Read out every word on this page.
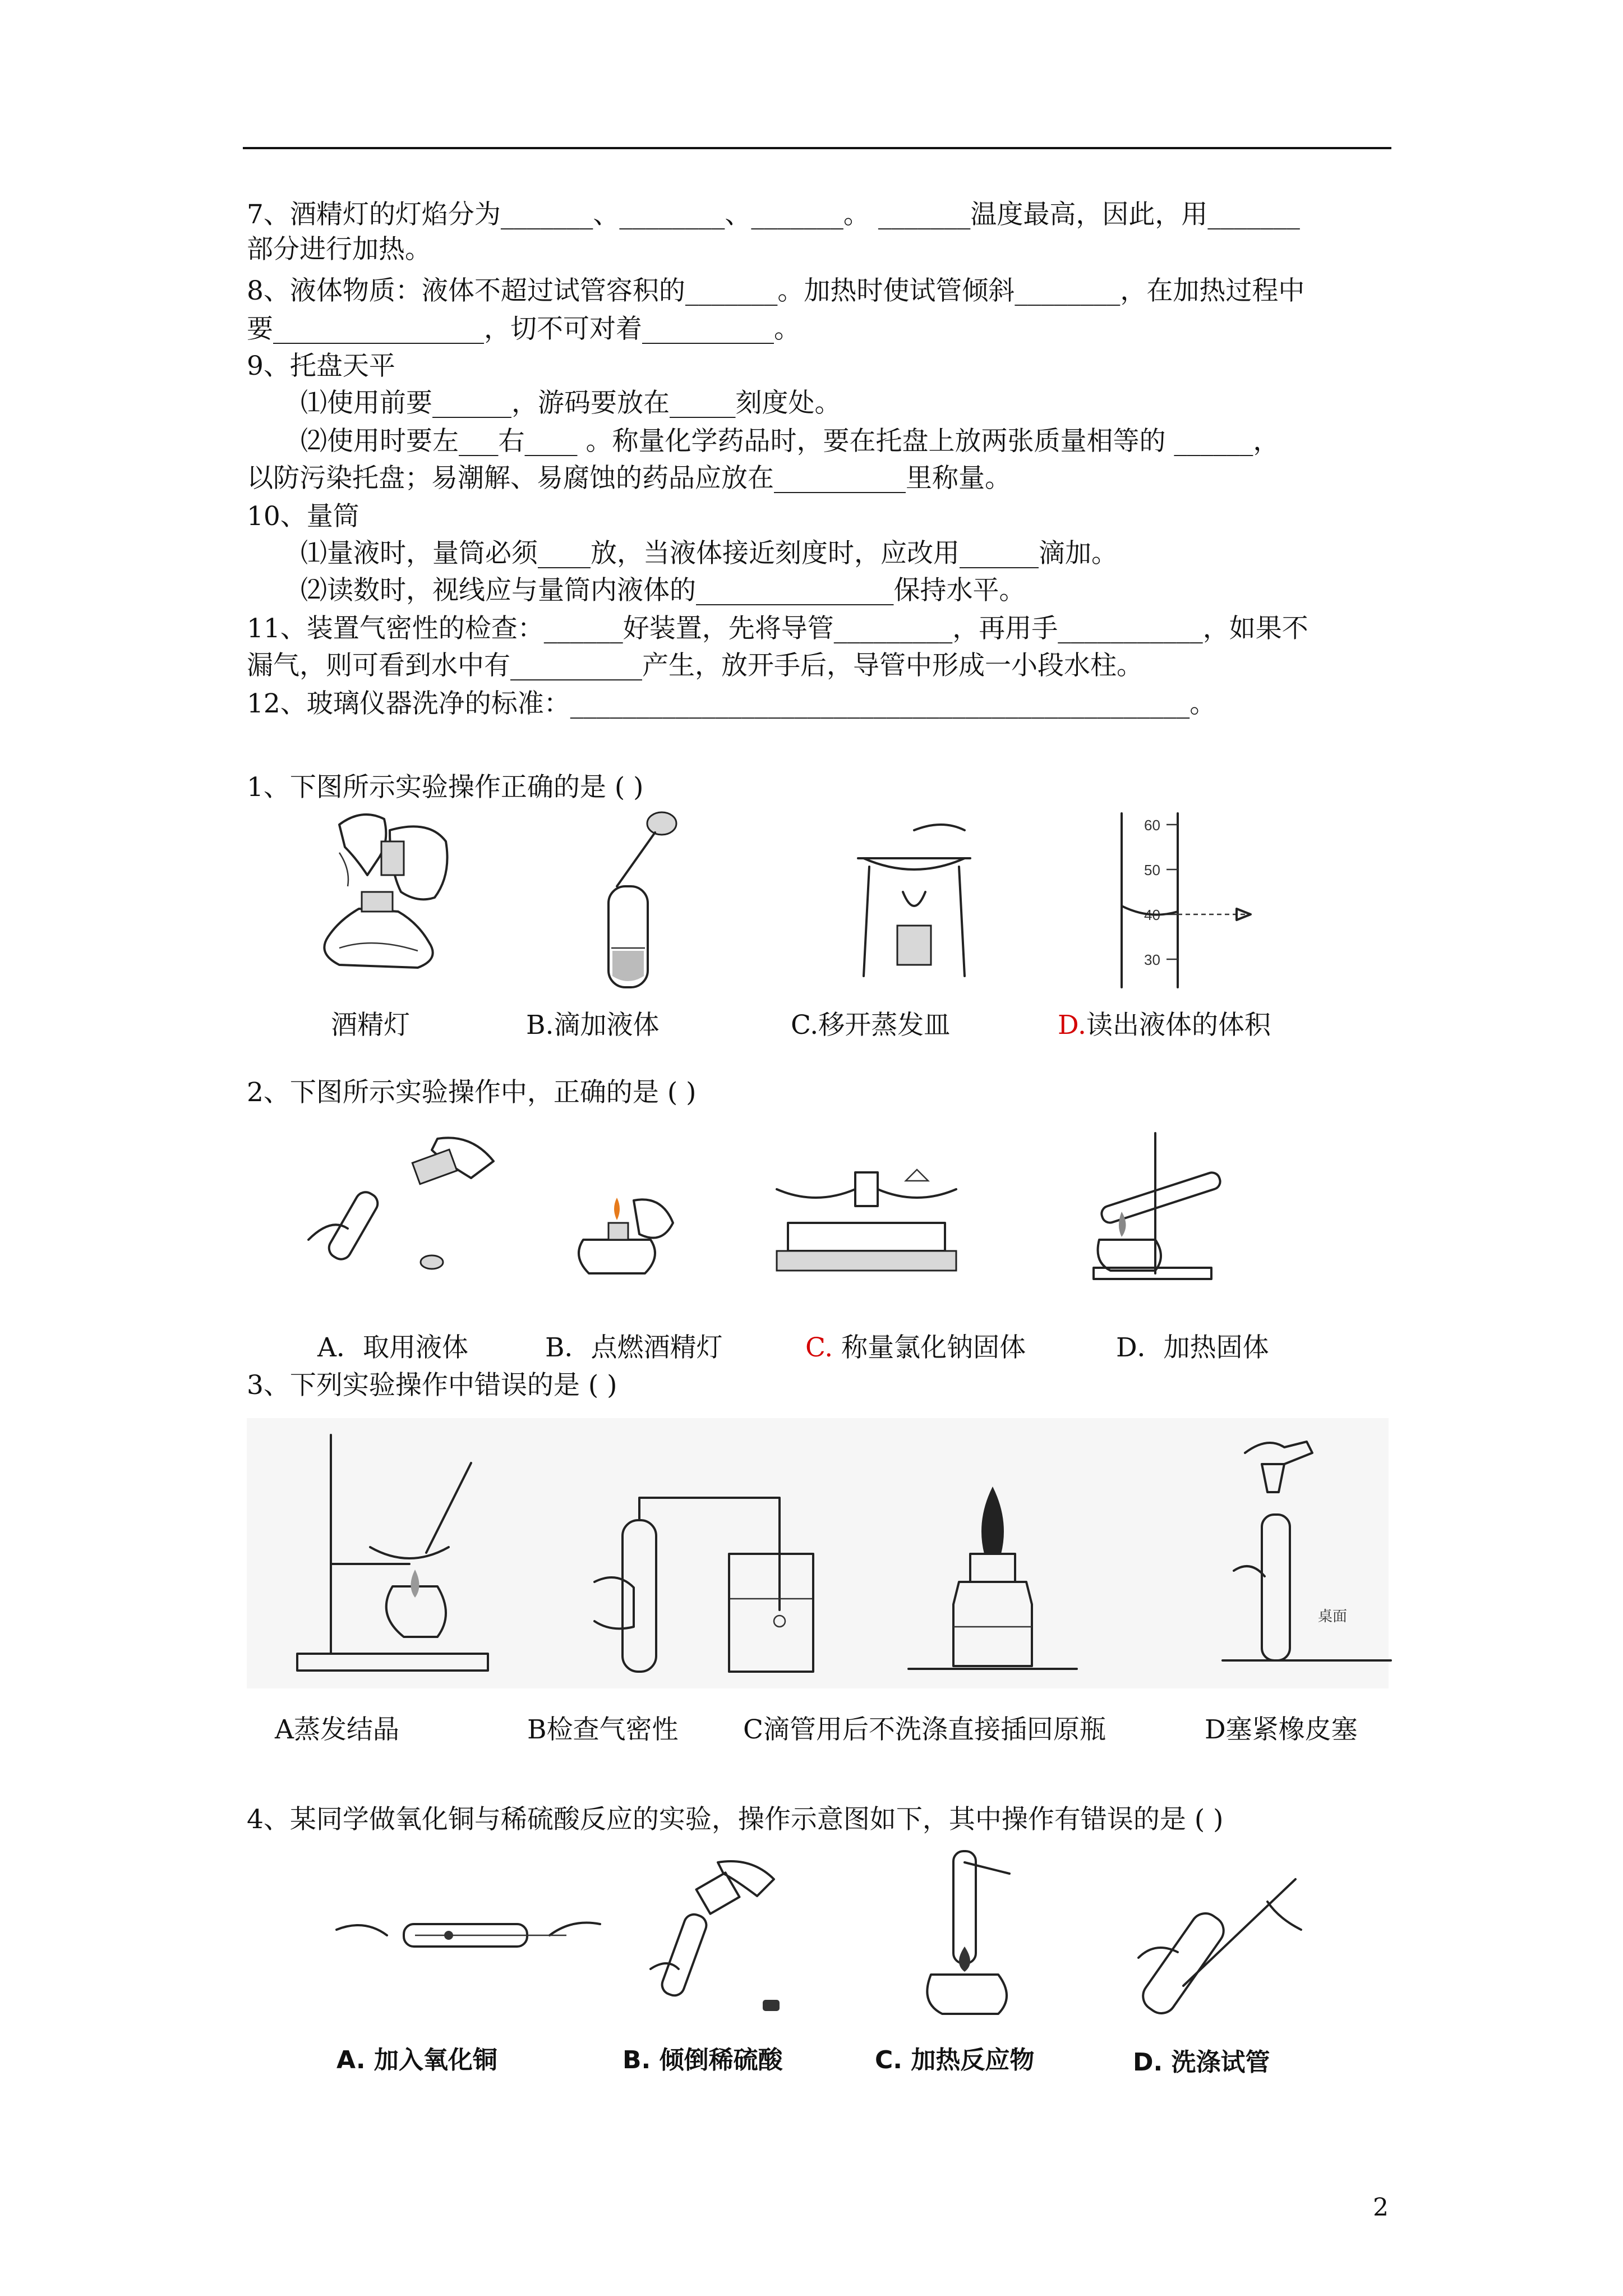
7、酒精灯的灯焰分为_______、________、_______。 _______温度最高，因此，用_______
部分进行加热。
8、液体物质：液体不超过试管容积的_______。加热时使试管倾斜________，在加热过程中
要________________，切不可对着__________。
9、托盘天平
⑴使用前要______，游码要放在_____刻度处。
⑵使用时要左___右____ 。称量化学药品时，要在托盘上放两张质量相等的 ______，
以防污染托盘；易潮解、易腐蚀的药品应放在__________里称量。
10、量筒
⑴量液时，量筒必须____放，当液体接近刻度时，应改用______滴加。
⑵读数时，视线应与量筒内液体的_______________保持水平。
11、装置气密性的检查：______好装置，先将导管_________，再用手___________，如果不
漏气，则可看到水中有__________产生，放开手后，导管中形成一小段水柱。
12、玻璃仪器洗净的标准：_______________________________________________。
1、下图所示实验操作正确的是 ( )
酒精灯	B.滴加液体	C.移开蒸发皿
60
50
40
30
D.读出液体的体积
2、下图所示实验操作中，正确的是 ( )
A．取用液体	B．点燃酒精灯	C. 称量氯化钠固体	D．加热固体
3、下列实验操作中错误的是 ( )
A蒸发结晶	B检查气密性 C滴管用后不洗涤直接插回原瓶
桌面
D塞紧橡皮塞
4、某同学做氧化铜与稀硫酸反应的实验，操作示意图如下，其中操作有错误的是 ( )
A. 加入氧化铜	B. 倾倒稀硫酸	C. 加热反应物	D. 洗涤试管
2
